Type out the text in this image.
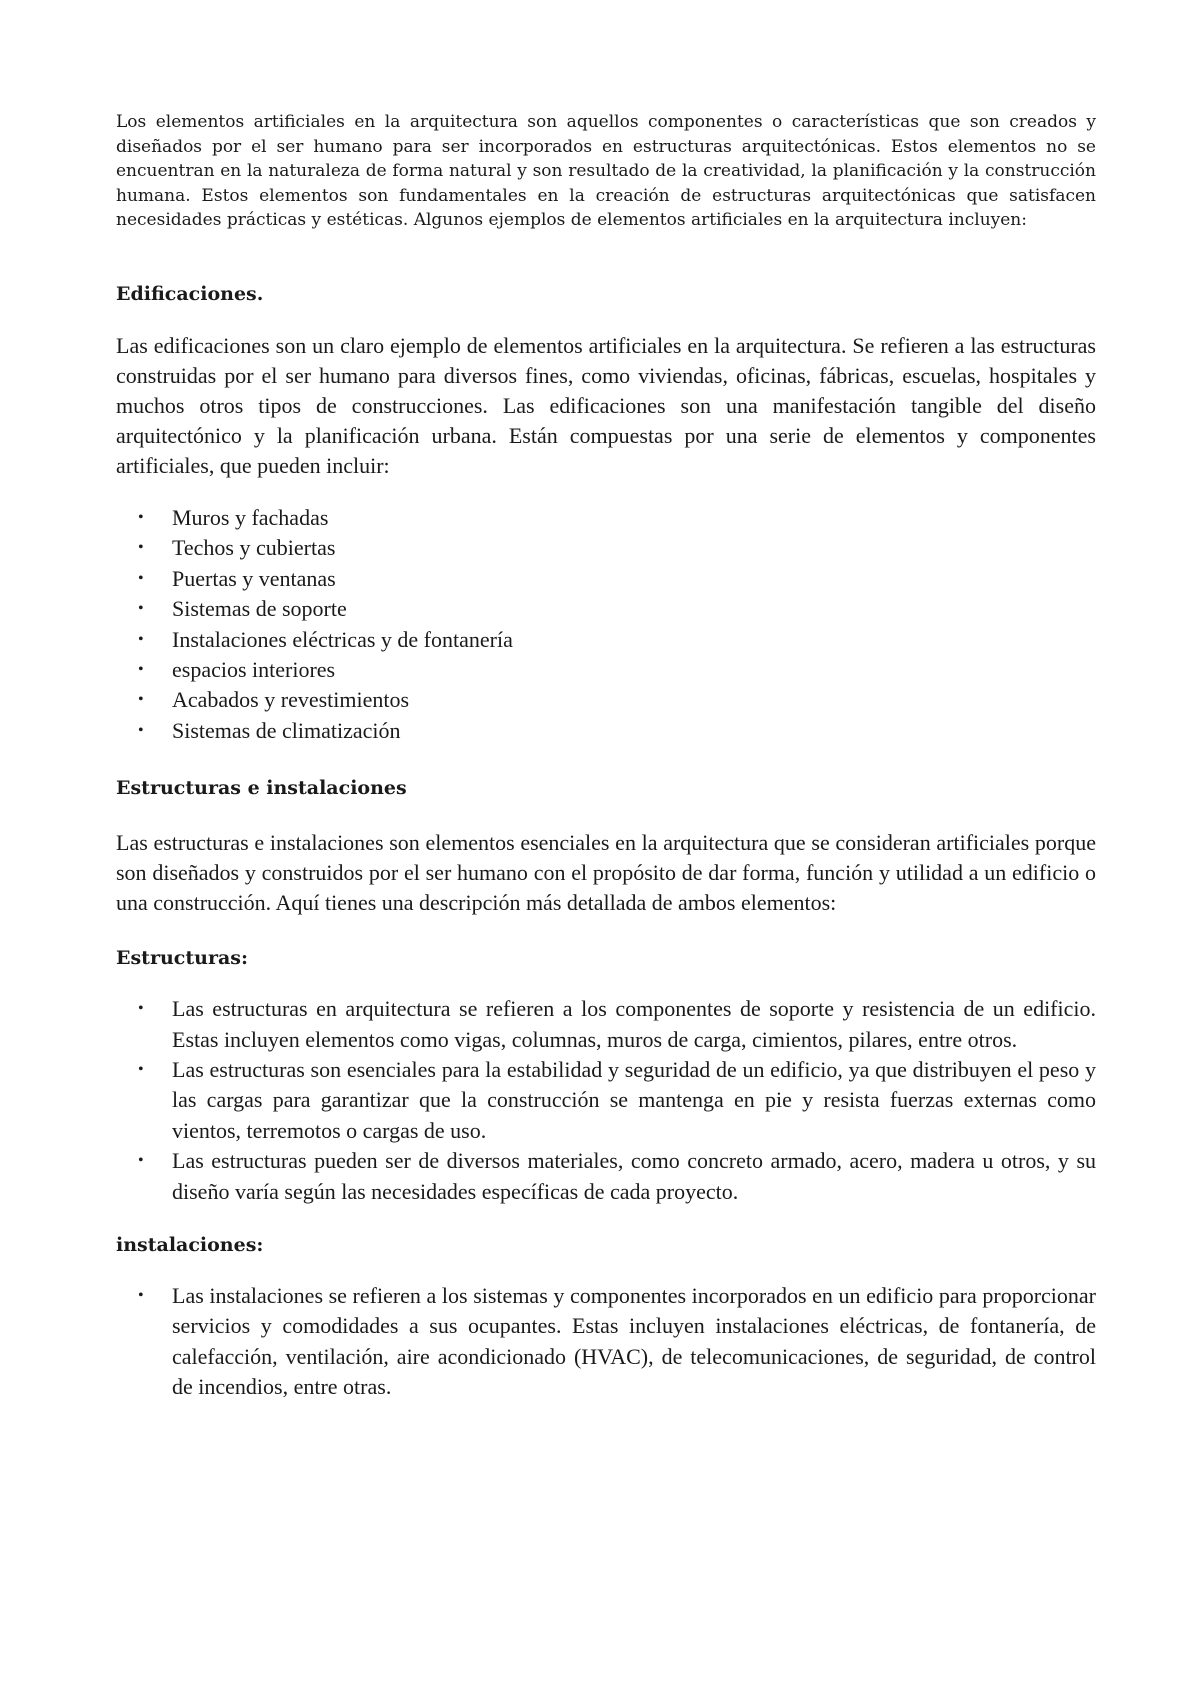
Los elementos artificiales en la arquitectura son aquellos componentes o características que son creados y diseñados por el ser humano para ser incorporados en estructuras arquitectónicas. Estos elementos no se encuentran en la naturaleza de forma natural y son resultado de la creatividad, la planificación y la construcción humana. Estos elementos son fundamentales en la creación de estructuras arquitectónicas que satisfacen necesidades prácticas y estéticas. Algunos ejemplos de elementos artificiales en la arquitectura incluyen:

Edificaciones.

Las edificaciones son un claro ejemplo de elementos artificiales en la arquitectura. Se refieren a las estructuras construidas por el ser humano para diversos fines, como viviendas, oficinas, fábricas, escuelas, hospitales y muchos otros tipos de construcciones. Las edificaciones son una manifestación tangible del diseño arquitectónico y la planificación urbana. Están compuestas por una serie de elementos y componentes artificiales, que pueden incluir:

• Muros y fachadas
• Techos y cubiertas
• Puertas y ventanas
• Sistemas de soporte
• Instalaciones eléctricas y de fontanería
• espacios interiores
• Acabados y revestimientos
• Sistemas de climatización

Estructuras e instalaciones

Las estructuras e instalaciones son elementos esenciales en la arquitectura que se consideran artificiales porque son diseñados y construidos por el ser humano con el propósito de dar forma, función y utilidad a un edificio o una construcción. Aquí tienes una descripción más detallada de ambos elementos:

Estructuras:

• Las estructuras en arquitectura se refieren a los componentes de soporte y resistencia de un edificio. Estas incluyen elementos como vigas, columnas, muros de carga, cimientos, pilares, entre otros.
• Las estructuras son esenciales para la estabilidad y seguridad de un edificio, ya que distribuyen el peso y las cargas para garantizar que la construcción se mantenga en pie y resista fuerzas externas como vientos, terremotos o cargas de uso.
• Las estructuras pueden ser de diversos materiales, como concreto armado, acero, madera u otros, y su diseño varía según las necesidades específicas de cada proyecto.

instalaciones:

• Las instalaciones se refieren a los sistemas y componentes incorporados en un edificio para proporcionar servicios y comodidades a sus ocupantes. Estas incluyen instalaciones eléctricas, de fontanería, de calefacción, ventilación, aire acondicionado (HVAC), de telecomunicaciones, de seguridad, de control de incendios, entre otras.
